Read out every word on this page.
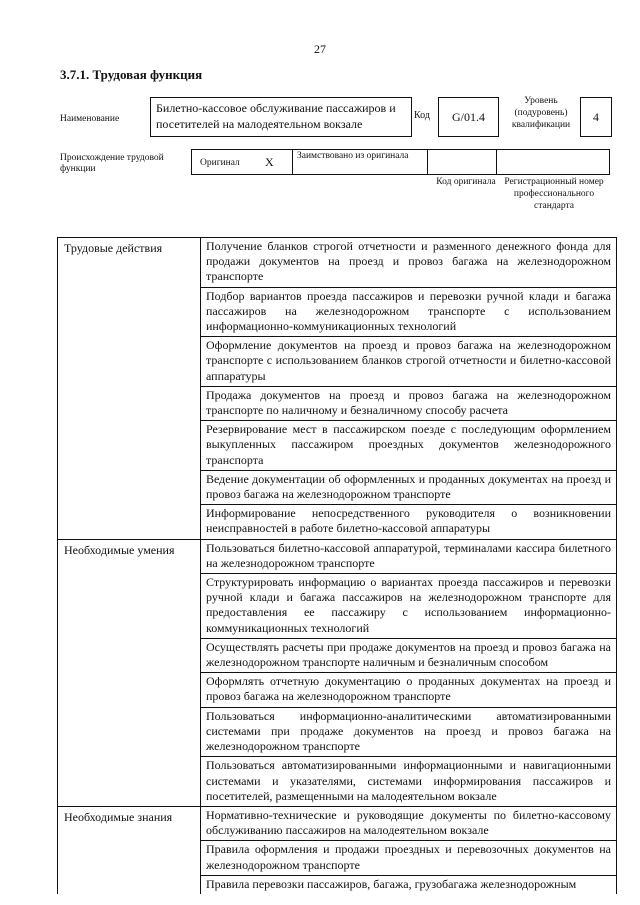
27
3.7.1. Трудовая функция
Наименование
Билетно-кассовое обслуживание пассажиров и посетителей на малодеятельном вокзале
Код	G/01.4
Уровень (подуровень) квалификации
4
Происхождение трудовой функции
Оригинал X	Заимствовано из оригинала
Код оригинала Регистрационный номер профессионального стандарта
Трудовые действия	Получение бланков строгой отчетности и разменного денежного фонда для продажи документов на проезд и провоз багажа на железнодорожном транспорте
Подбор вариантов проезда пассажиров и перевозки ручной клади и багажа пассажиров на железнодорожном транспорте с использованием информационно-коммуникационных технологий
Оформление документов на проезд и провоз багажа на железнодорожном транспорте с использованием бланков строгой отчетности и билетно-кассовой аппаратуры
Продажа документов на проезд и провоз багажа на железнодорожном транспорте по наличному и безналичному способу расчета
Резервирование мест в пассажирском поезде с последующим оформлением выкупленных пассажиром проездных документов железнодорожного транспорта
Ведение документации об оформленных и проданных документах на проезд и провоз багажа на железнодорожном транспорте
Информирование непосредственного руководителя о возникновении неисправностей в работе билетно-кассовой аппаратуры
Необходимые умения	Пользоваться билетно-кассовой аппаратурой, терминалами кассира билетного на железнодорожном транспорте
Структурировать информацию о вариантах проезда пассажиров и перевозки ручной клади и багажа пассажиров на железнодорожном транспорте для предоставления ее пассажиру с использованием информационно-коммуникационных технологий
Осуществлять расчеты при продаже документов на проезд и провоз багажа на железнодорожном транспорте наличным и безналичным способом
Оформлять отчетную документацию о проданных документах на проезд и провоз багажа на железнодорожном транспорте
Пользоваться информационно-аналитическими автоматизированными системами при продаже документов на проезд и провоз багажа на железнодорожном транспорте
Пользоваться автоматизированными информационными и навигационными системами и указателями, системами информирования пассажиров и посетителей, размещенными на малодеятельном вокзале
Необходимые знания	Нормативно-технические и руководящие документы по билетно-кассовому обслуживанию пассажиров на малодеятельном вокзале
Правила оформления и продажи проездных и перевозочных документов на железнодорожном транспорте
Правила перевозки пассажиров, багажа, грузобагажа железнодорожным
